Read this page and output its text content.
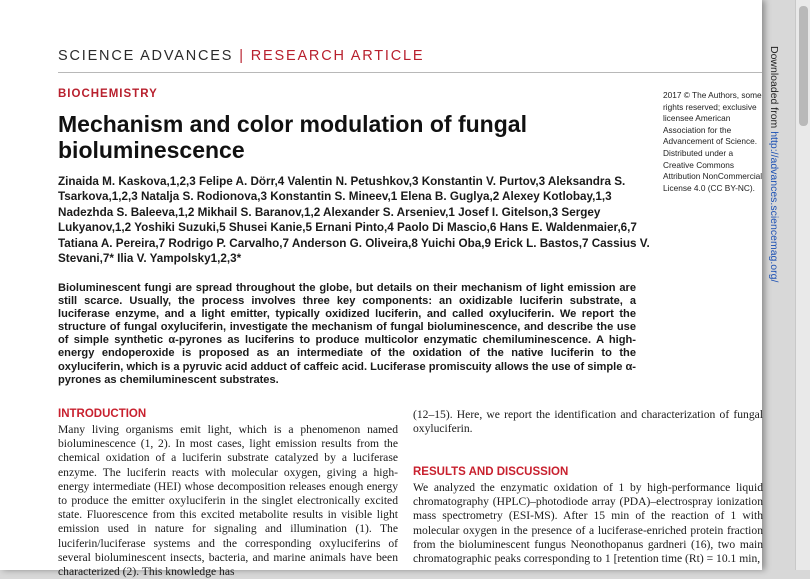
SCIENCE ADVANCES | RESEARCH ARTICLE
BIOCHEMISTRY
Mechanism and color modulation of fungal bioluminescence

Zinaida M. Kaskova,1,2,3 Felipe A. Dörr,4 Valentin N. Petushkov,3 Konstantin V. Purtov,3 Aleksandra S. Tsarkova,1,2,3 Natalja S. Rodionova,3 Konstantin S. Mineev,1 Elena B. Guglya,2 Alexey Kotlobay,1,3 Nadezhda S. Baleeva,1,2 Mikhail S. Baranov,1,2 Alexander S. Arseniev,1 Josef I. Gitelson,3 Sergey Lukyanov,1,2 Yoshiki Suzuki,5 Shusei Kanie,5 Ernani Pinto,4 Paolo Di Mascio,6 Hans E. Waldenmaier,6,7 Tatiana A. Pereira,7 Rodrigo P. Carvalho,7 Anderson G. Oliveira,8 Yuichi Oba,9 Erick L. Bastos,7 Cassius V. Stevani,7* Ilia V. Yampolsky1,2,3*

2017 © The Authors, some rights reserved; exclusive licensee American Association for the Advancement of Science. Distributed under a Creative Commons Attribution NonCommercial License 4.0 (CC BY-NC).

Bioluminescent fungi are spread throughout the globe, but details on their mechanism of light emission are still scarce. Usually, the process involves three key components: an oxidizable luciferin substrate, a luciferase enzyme, and a light emitter, typically oxidized luciferin, and called oxyluciferin. We report the structure of fungal oxyluciferin, investigate the mechanism of fungal bioluminescence, and describe the use of simple synthetic α-pyrones as luciferins to produce multicolor enzymatic chemiluminescence. A high-energy endoperoxide is proposed as an intermediate of the oxidation of the native luciferin to the oxyluciferin, which is a pyruvic acid adduct of caffeic acid. Luciferase promiscuity allows the use of simple α-pyrones as chemiluminescent substrates.

INTRODUCTION

Many living organisms emit light, which is a phenomenon named bioluminescence (1, 2). In most cases, light emission results from the chemical oxidation of a luciferin substrate catalyzed by a luciferase enzyme. The luciferin reacts with molecular oxygen, giving a high-energy intermediate (HEI) whose decomposition releases enough energy to produce the emitter oxyluciferin in the singlet electronically excited state. Fluorescence from this excited metabolite results in visible light emission used in nature for signaling and illumination (1). The luciferin/luciferase systems and the corresponding oxyluciferins of several bioluminescent insects, bacteria, and marine animals have been characterized (2). This knowledge has

(12–15). Here, we report the identification and characterization of fungal oxyluciferin.

RESULTS AND DISCUSSION

We analyzed the enzymatic oxidation of 1 by high-performance liquid chromatography (HPLC)–photodiode array (PDA)–electrospray ionization mass spectrometry (ESI-MS). After 15 min of the reaction of 1 with molecular oxygen in the presence of a luciferase-enriched protein fraction from the bioluminescent fungus Neonothopanus gardneri (16), two main chromatographic peaks corresponding to 1 [retention time (Rt) = 10.1 min,

Downloaded from http://advances.sciencemag.org/
